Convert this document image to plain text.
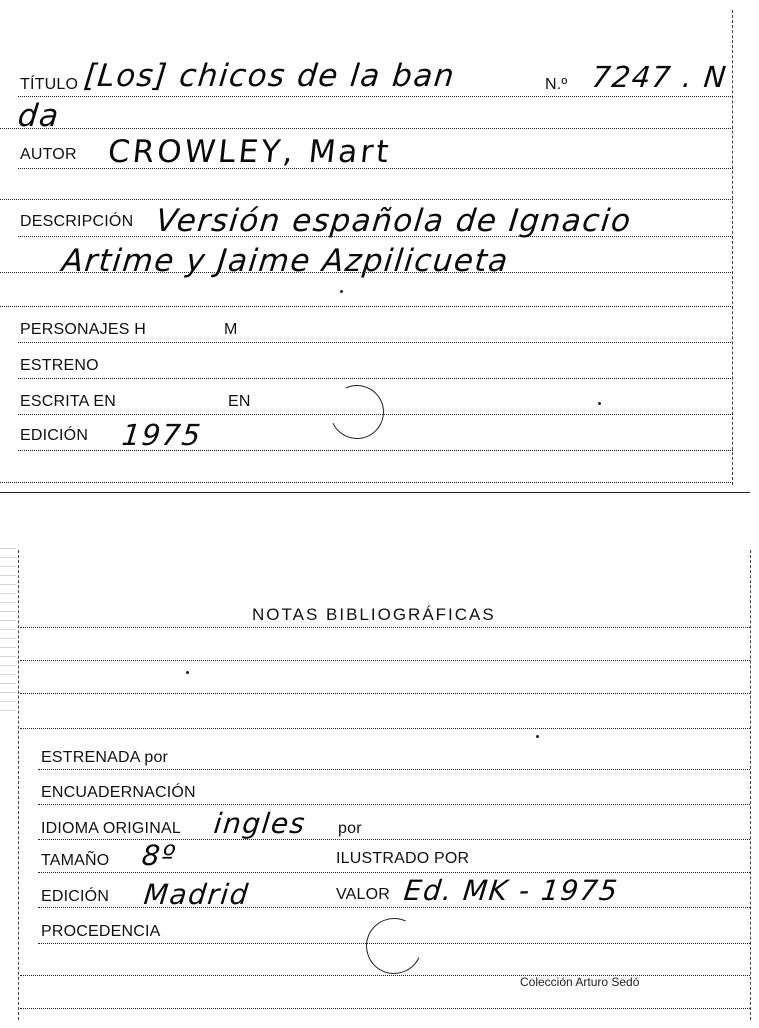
TÍTULO [Los] chicos de la ban	N.º 7247 . N
da
AUTOR CROWLEY, Mart
DESCRIPCIÓN Versión española de Ignacio
Artime y Jaime Azpilicueta
PERSONAJES H	M
ESTRENO
ESCRITA EN	EN
EDICIÓN 1975
NOTAS BIBLIOGRÁFICAS
ESTRENADA por
ENCUADERNACIÓN
IDIOMA ORIGINAL ingles por
TAMAÑO 8º	ILUSTRADO POR
EDICIÓN Madrid	VALOR Ed. MK - 1975
PROCEDENCIA
Colección Arturo Sedó
